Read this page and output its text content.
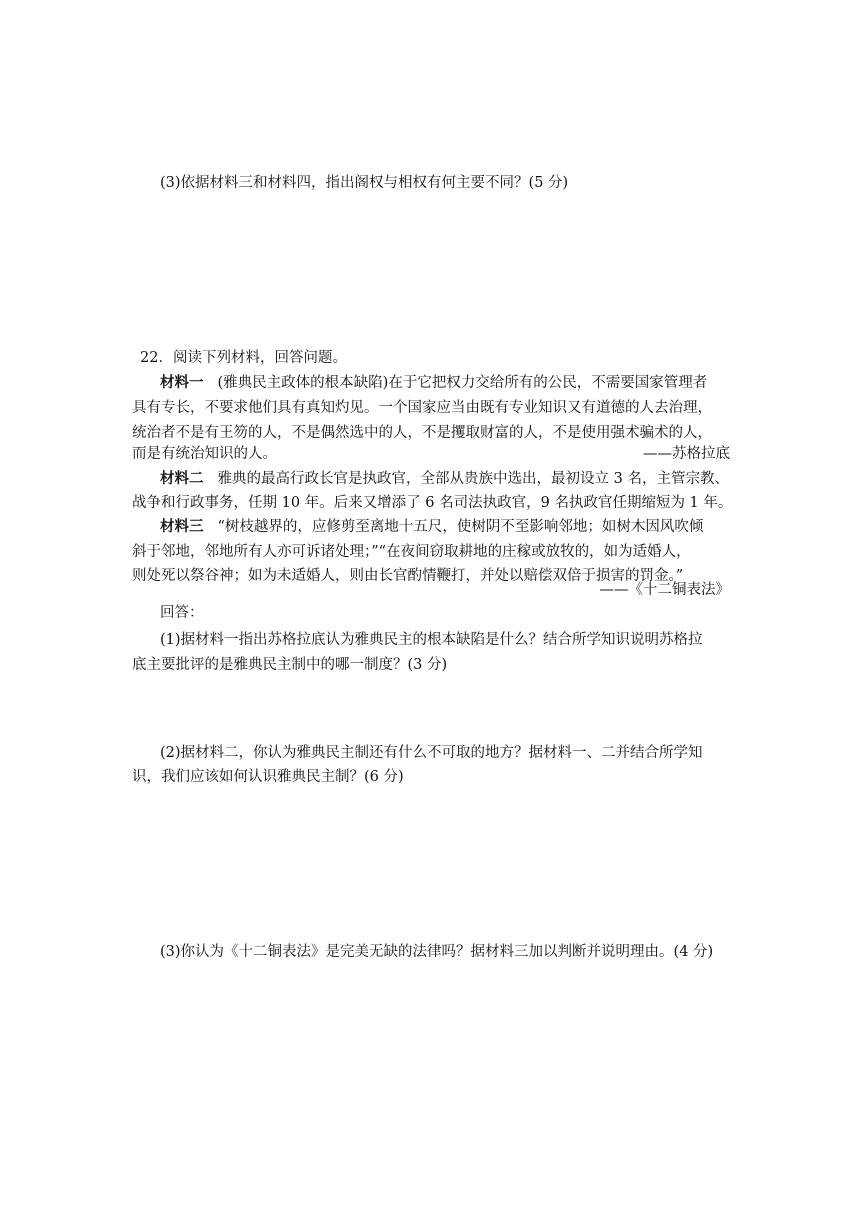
(3)依据材料三和材料四，指出阁权与相权有何主要不同？(5 分)
22．阅读下列材料，回答问题。
材料一 (雅典民主政体的根本缺陷)在于它把权力交给所有的公民，不需要国家管理者
具有专长，不要求他们具有真知灼见。一个国家应当由既有专业知识又有道德的人去治理，
统治者不是有王笏的人，不是偶然选中的人，不是攫取财富的人，不是使用强术骗术的人，
而是有统治知识的人。	——苏格拉底
材料二 雅典的最高行政长官是执政官，全部从贵族中选出，最初设立 3 名，主管宗教、
战争和行政事务，任期 10 年。后来又增添了 6 名司法执政官，9 名执政官任期缩短为 1 年。
材料三 “树枝越界的，应修剪至离地十五尺，使树阴不至影响邻地；如树木因风吹倾
斜于邻地，邻地所有人亦可诉诸处理；”“在夜间窃取耕地的庄稼或放牧的，如为适婚人，
则处死以祭谷神；如为未适婚人，则由长官酌情鞭打，并处以赔偿双倍于损害的罚金。”
——《十二铜表法》
回答：
(1)据材料一指出苏格拉底认为雅典民主的根本缺陷是什么？结合所学知识说明苏格拉
底主要批评的是雅典民主制中的哪一制度？(3 分)
(2)据材料二，你认为雅典民主制还有什么不可取的地方？据材料一、二并结合所学知
识，我们应该如何认识雅典民主制？(6 分)
(3)你认为《十二铜表法》是完美无缺的法律吗？据材料三加以判断并说明理由。(4 分)
